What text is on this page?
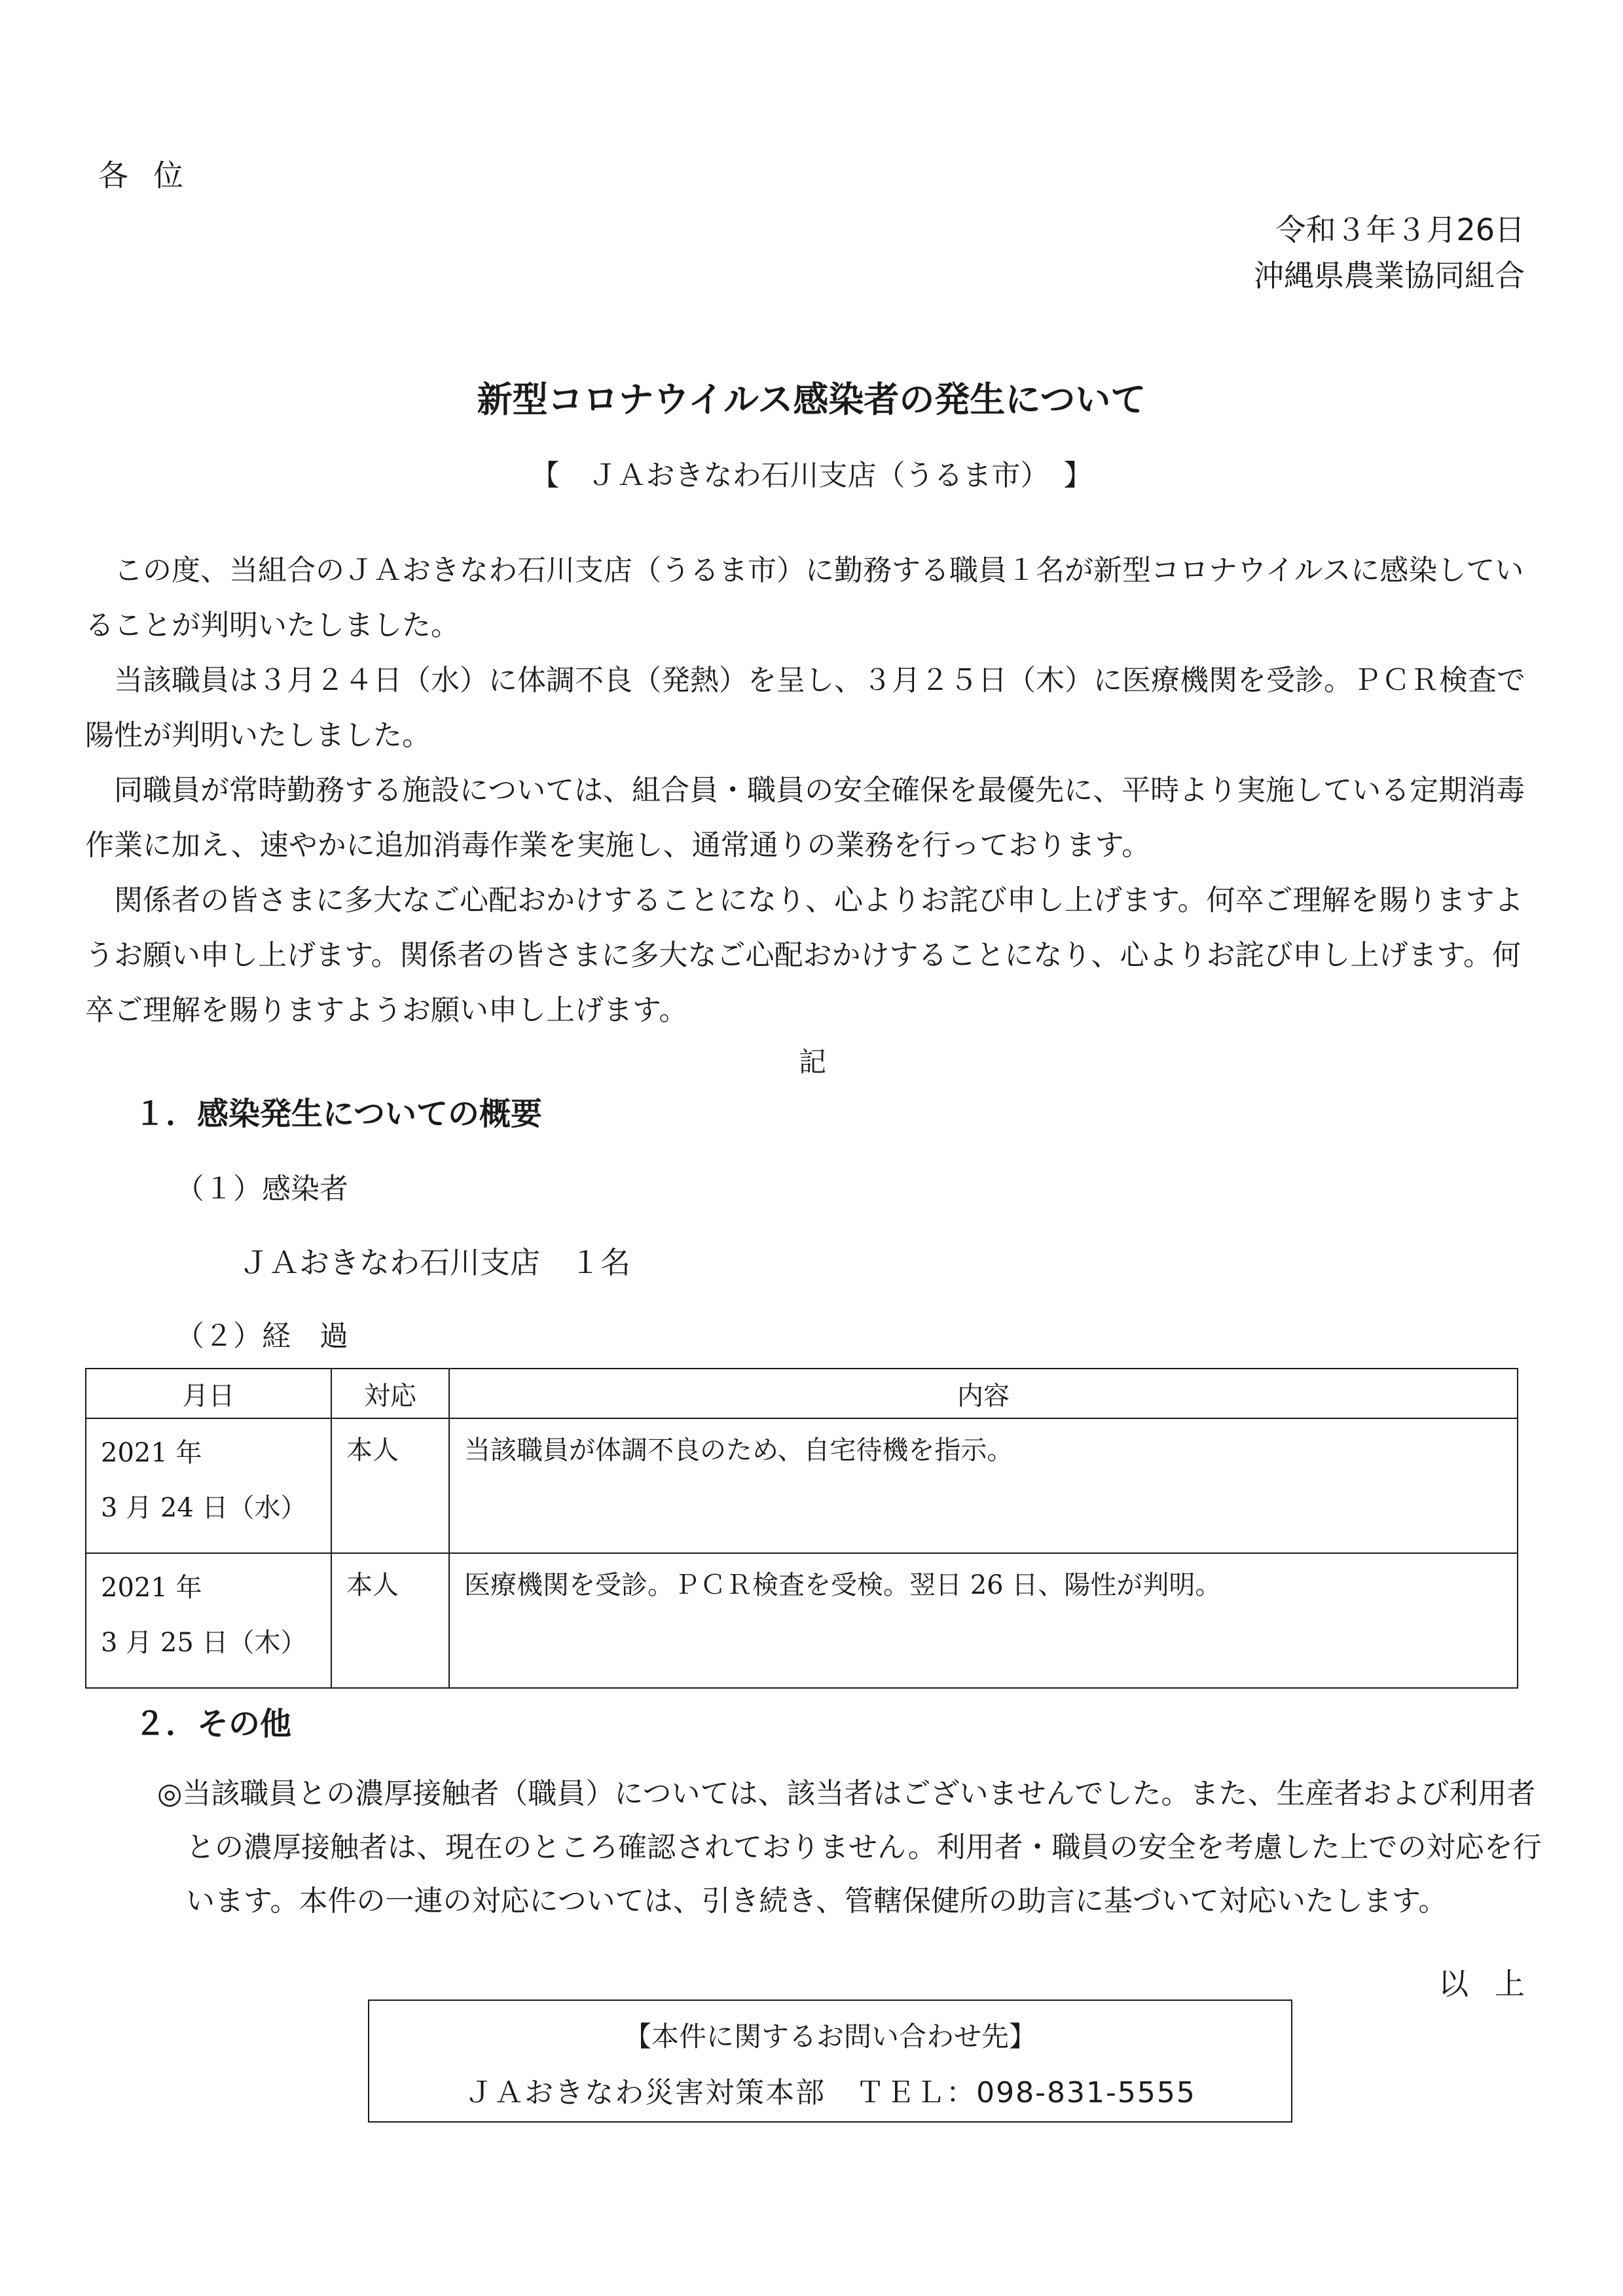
各位
令和３年３月26日
沖縄県農業協同組合
新型コロナウイルス感染者の発生について
【　ＪＡおきなわ石川支店（うるま市）　】

この度、当組合のＪＡおきなわ石川支店（うるま市）に勤務する職員１名が新型コロナウイルスに感染していることが判明いたしました。

当該職員は３月２４日（水）に体調不良（発熱）を呈し、３月２５日（木）に医療機関を受診。ＰＣＲ検査で陽性が判明いたしました。

同職員が常時勤務する施設については、組合員・職員の安全確保を最優先に、平時より実施している定期消毒作業に加え、速やかに追加消毒作業を実施し、通常通りの業務を行っております。

関係者の皆さまに多大なご心配おかけすることになり、心よりお詫び申し上げます。何卒ご理解を賜りますようお願い申し上げます。関係者の皆さまに多大なご心配おかけすることになり、心よりお詫び申し上げます。何卒ご理解を賜りますようお願い申し上げます。

記
１．感染発生についての概要
（１）感染者
ＪＡおきなわ石川支店　１名
（２）経　過
月日	対応	内容

2021 年
3 月 24 日（水）	本人	当該職員が体調不良のため、自宅待機を指示。

2021 年
3 月 25 日（木）	本人	医療機関を受診。ＰＣＲ検査を受検。翌日 26 日、陽性が判明。
２．その他
◎当該職員との濃厚接触者（職員）については、該当者はございませんでした。また、生産者および利用者との濃厚接触者は、現在のところ確認されておりません。利用者・職員の安全を考慮した上での対応を行います。本件の一連の対応については、引き続き、管轄保健所の助言に基づいて対応いたします。
以上
【本件に関するお問い合わせ先】
ＪＡおきなわ災害対策本部　ＴＥＬ：098-831-5555
